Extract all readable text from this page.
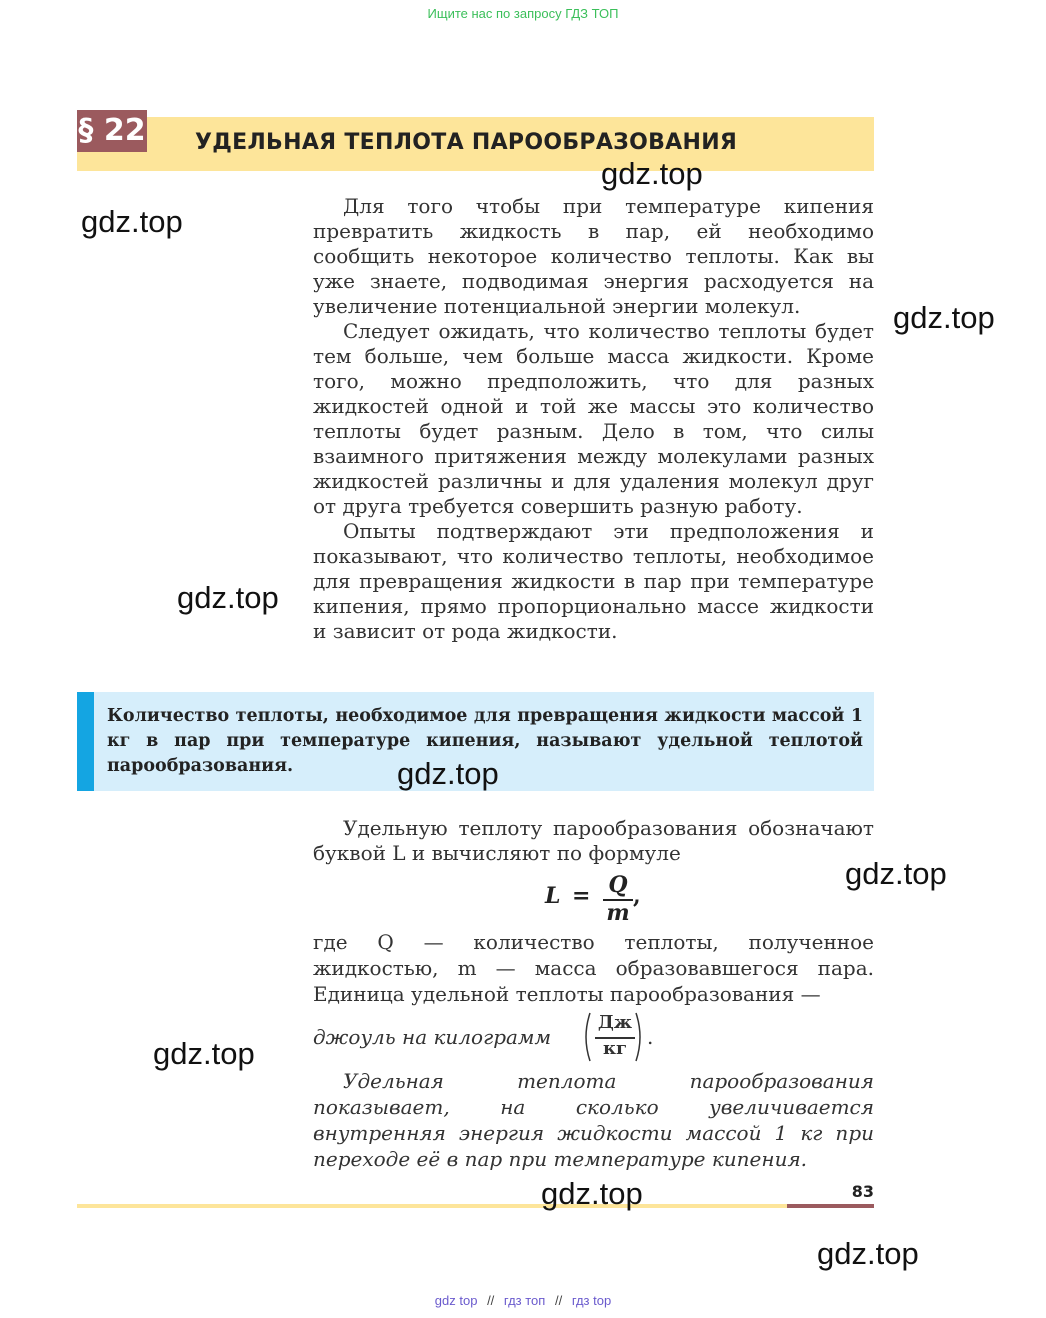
Ищите нас по запросу ГДЗ ТОП
§ 22 УДЕЛЬНАЯ ТЕПЛОТА ПАРООБРАЗОВАНИЯ

Для того чтобы при температуре кипения превратить жидкость в пар, ей необходимо сообщить некоторое количество теплоты. Как вы уже знаете, подводимая энергия расходуется на увеличение потенциальной энергии молекул.

Следует ожидать, что количество теплоты будет тем больше, чем больше масса жидкости. Кроме того, можно предположить, что для разных жидкостей одной и той же массы это количество теплоты будет разным. Дело в том, что силы взаимного притяжения между молекулами разных жидкостей различны и для удаления молекул друг от друга требуется совершить разную работу.

Опыты подтверждают эти предположения и показывают, что количество теплоты, необходимое для превращения жидкости в пар при температуре кипения, прямо пропорционально массе жидкости и зависит от рода жидкости.

Количество теплоты, необходимое для превращения жидкости массой 1 кг в пар при температуре кипения, называют удельной теплотой парообразования.

Удельную теплоту парообразования обозначают буквой L и вычисляют по формуле

L = Q
m
,

где Q — количество теплоты, полученное жидкостью, m — масса образовавшегося пара. Единица удельной теплоты парообразования —

джоуль на килограмм
Дж
кг .

Удельная теплота парообразования показывает, на сколько увеличивается внутренняя энергия жидкости массой 1 кг при переходе её в пар при температуре кипения.

83
gdz.top
gdz.top
gdz.top
gdz.top
gdz.top
gdz.top
gdz.top
gdz.top
gdz.top
gdz top // гдз топ // гдз top
